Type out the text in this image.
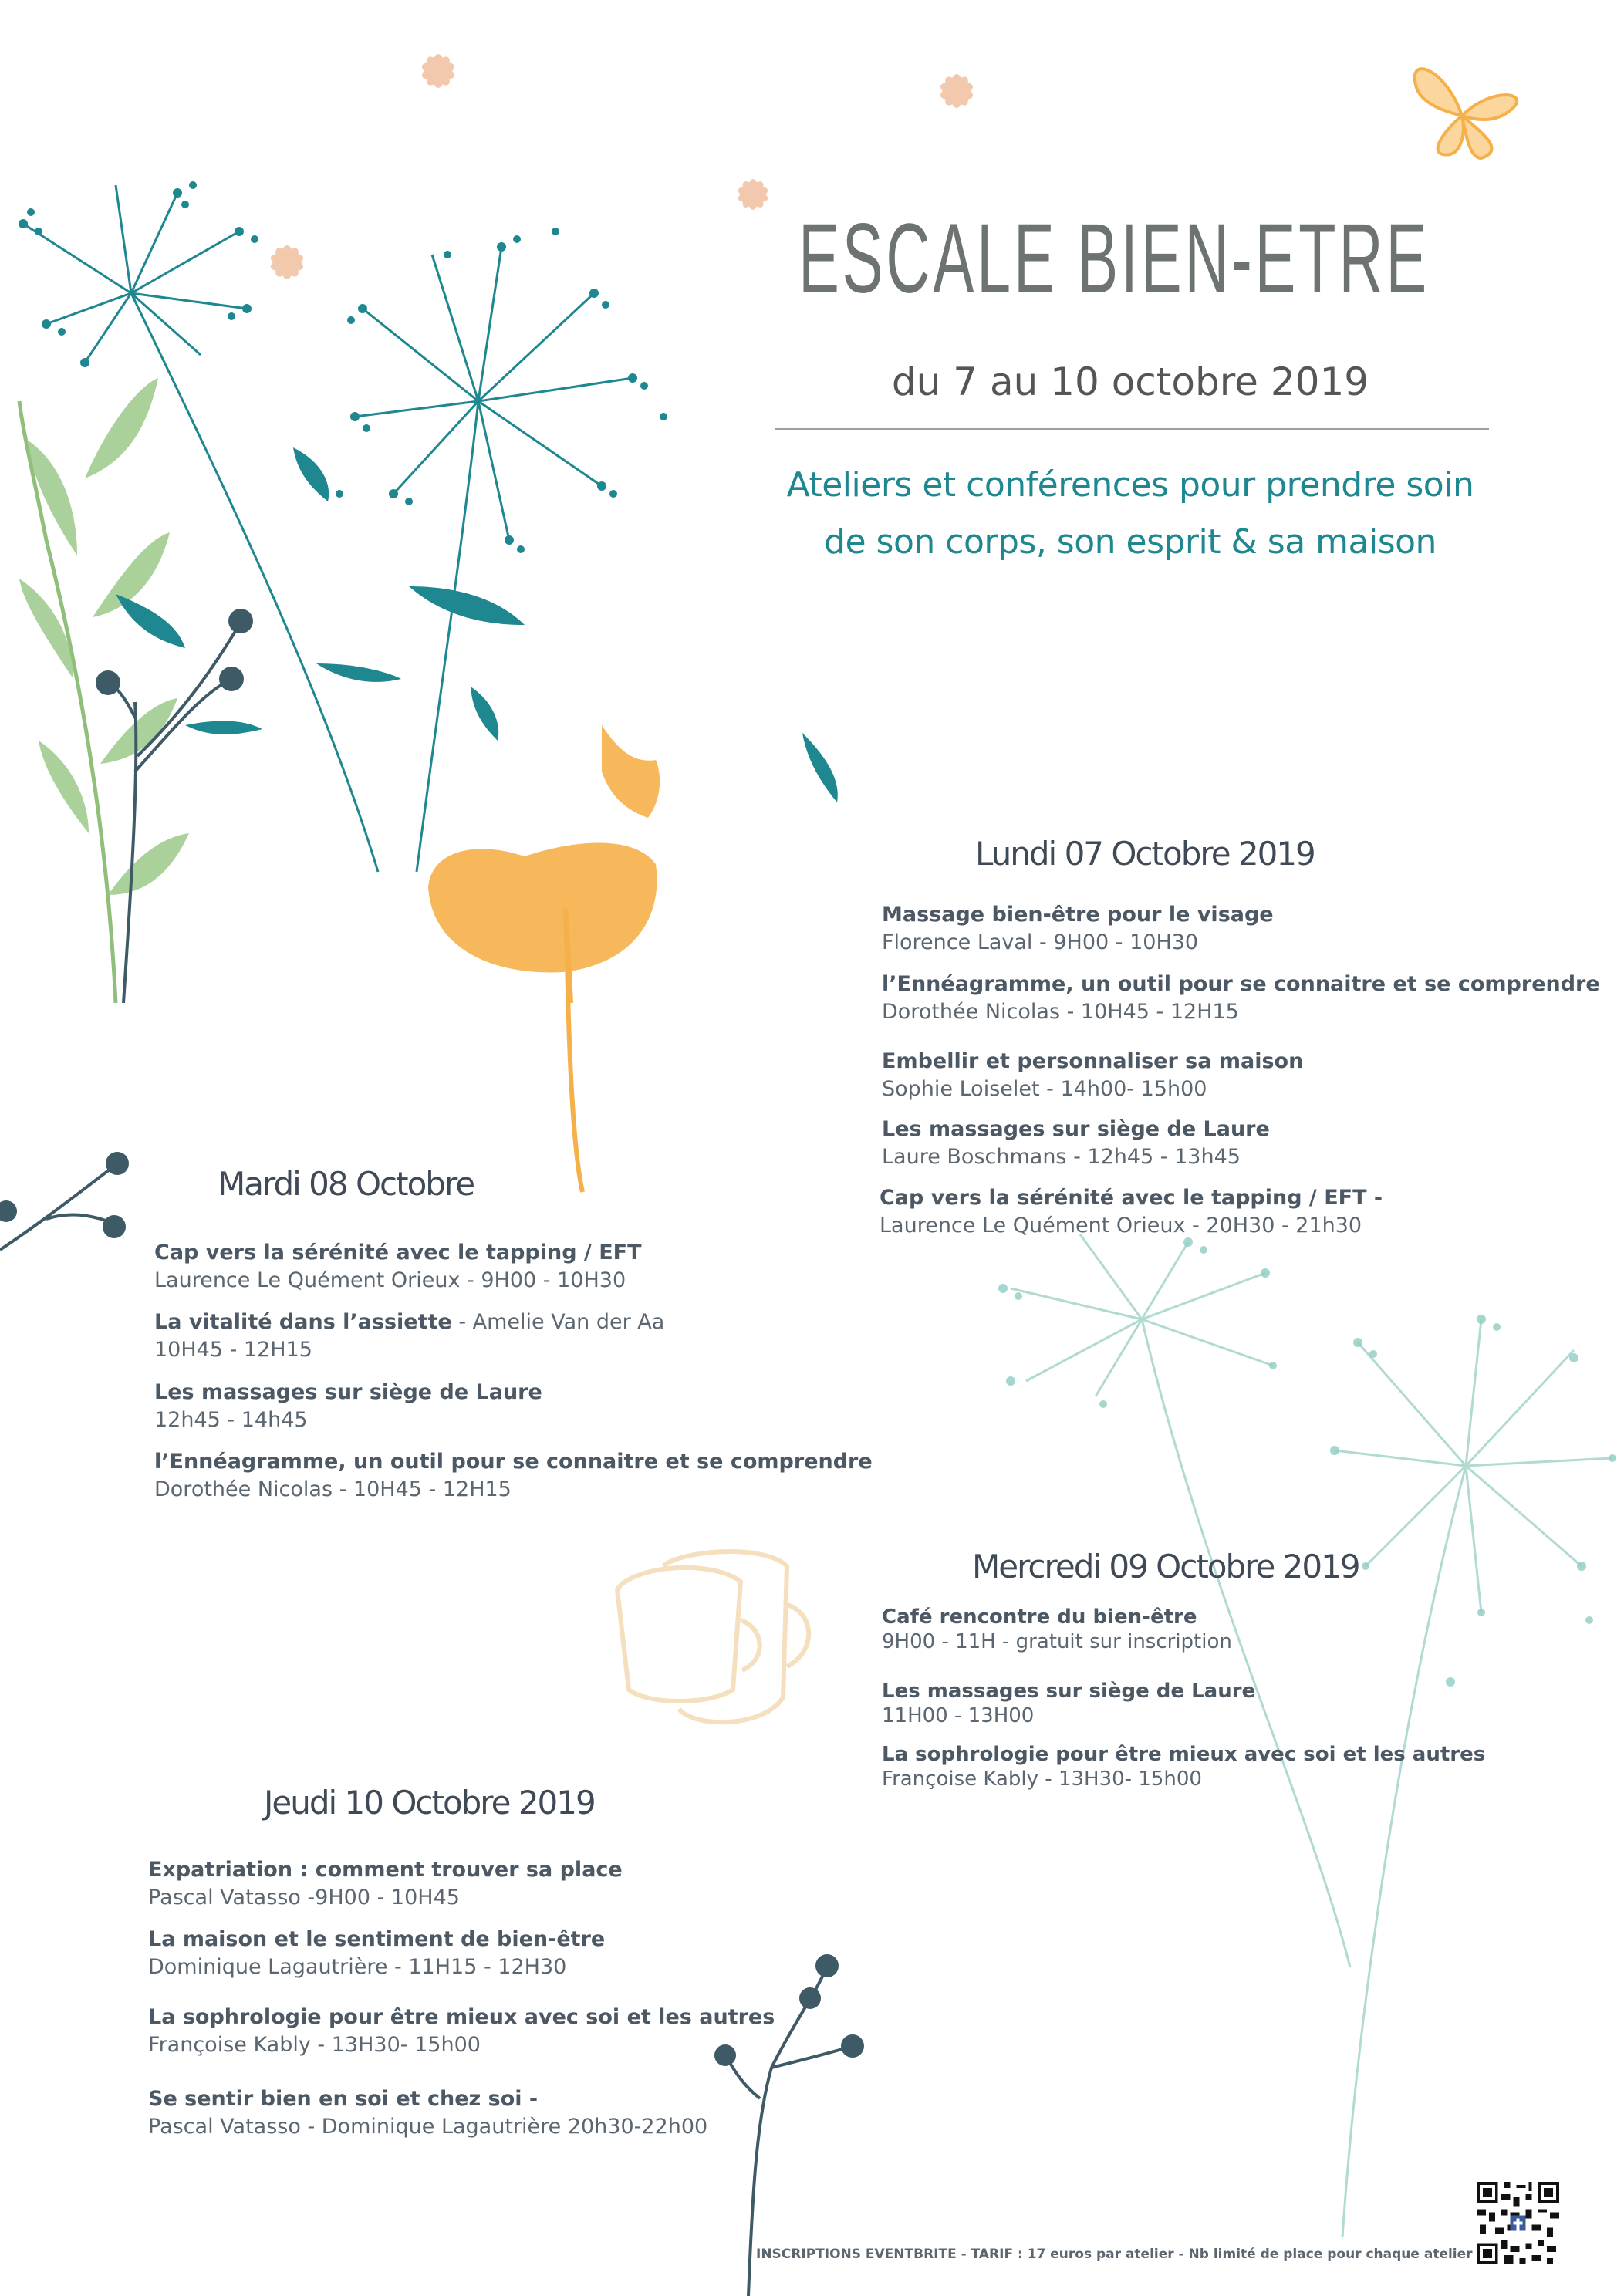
ESCALE BIEN-ETRE
du 7 au 10 octobre 2019
Ateliers et conférences pour prendre soin
de son corps, son esprit & sa maison
Lundi 07 Octobre 2019
Massage bien-être pour le visage
Florence Laval - 9H00 - 10H30
l’Ennéagramme, un outil pour se connaitre et se comprendre
Dorothée Nicolas - 10H45 - 12H15
Embellir et personnaliser sa maison
Sophie Loiselet - 14h00- 15h00
Les massages sur siège de Laure
Laure Boschmans - 12h45 - 13h45
Cap vers la sérénité avec le tapping / EFT -
Laurence Le Quément Orieux - 20H30 - 21h30
Mardi 08 Octobre
Cap vers la sérénité avec le tapping / EFT
Laurence Le Quément Orieux - 9H00 - 10H30
La vitalité dans l’assiette - Amelie Van der Aa
10H45 - 12H15
Les massages sur siège de Laure
12h45 - 14h45
l’Ennéagramme, un outil pour se connaitre et se comprendre
Dorothée Nicolas - 10H45 - 12H15
Mercredi 09 Octobre 2019
Café rencontre du bien-être
9H00 - 11H - gratuit sur inscription
Les massages sur siège de Laure
11H00 - 13H00
La sophrologie pour être mieux avec soi et les autres
Françoise Kably - 13H30- 15h00
Jeudi 10 Octobre 2019
Expatriation : comment trouver sa place
Pascal Vatasso -9H00 - 10H45
La maison et le sentiment de bien-être
Dominique Lagautrière - 11H15 - 12H30
La sophrologie pour être mieux avec soi et les autres
Françoise Kably - 13H30- 15h00
Se sentir bien en soi et chez soi -
Pascal Vatasso - Dominique Lagautrière 20h30-22h00
INSCRIPTIONS EVENTBRITE - TARIF : 17 euros par atelier - Nb limité de place pour chaque atelier
